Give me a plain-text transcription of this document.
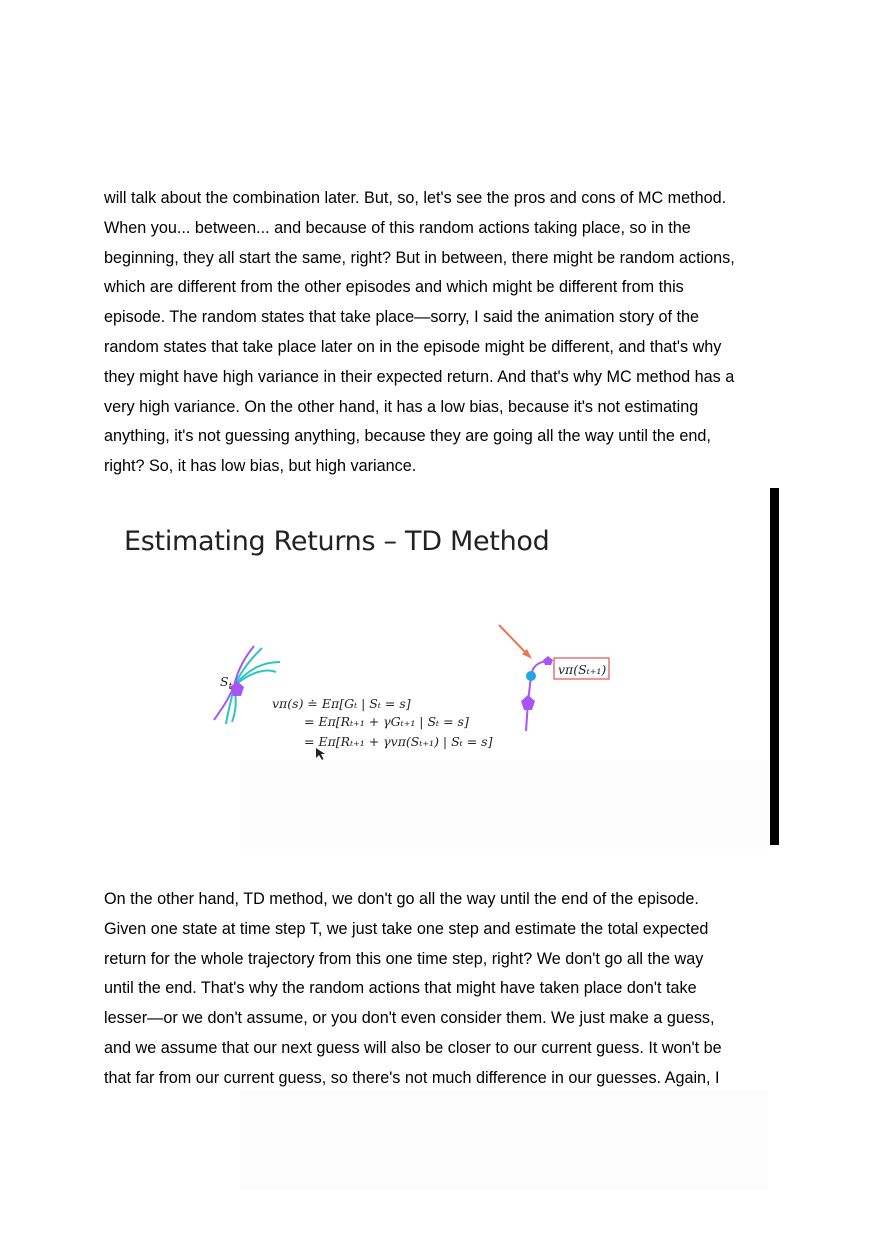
will talk about the combination later. But, so, let's see the pros and cons of MC method.
When you... between... and because of this random actions taking place, so in the
beginning, they all start the same, right? But in between, there might be random actions,
which are different from the other episodes and which might be different from this
episode. The random states that take place—sorry, I said the animation story of the
random states that take place later on in the episode might be different, and that's why
they might have high variance in their expected return. And that's why MC method has a
very high variance. On the other hand, it has a low bias, because it's not estimating
anything, it's not guessing anything, because they are going all the way until the end,
right? So, it has low bias, but high variance.
Estimating Returns – TD Method
$S_t$
vπ(s) ≐ Eπ[Gₜ | Sₜ = s]
= Eπ[Rₜ₊₁ + γGₜ₊₁ | Sₜ = s]
= Eπ[Rₜ₊₁ + γvπ(Sₜ₊₁) | Sₜ = s]
vπ(Sₜ₊₁)
On the other hand, TD method, we don't go all the way until the end of the episode.
Given one state at time step T, we just take one step and estimate the total expected
return for the whole trajectory from this one time step, right? We don't go all the way
until the end. That's why the random actions that might have taken place don't take
lesser—or we don't assume, or you don't even consider them. We just make a guess,
and we assume that our next guess will also be closer to our current guess. It won't be
that far from our current guess, so there's not much difference in our guesses. Again, I
